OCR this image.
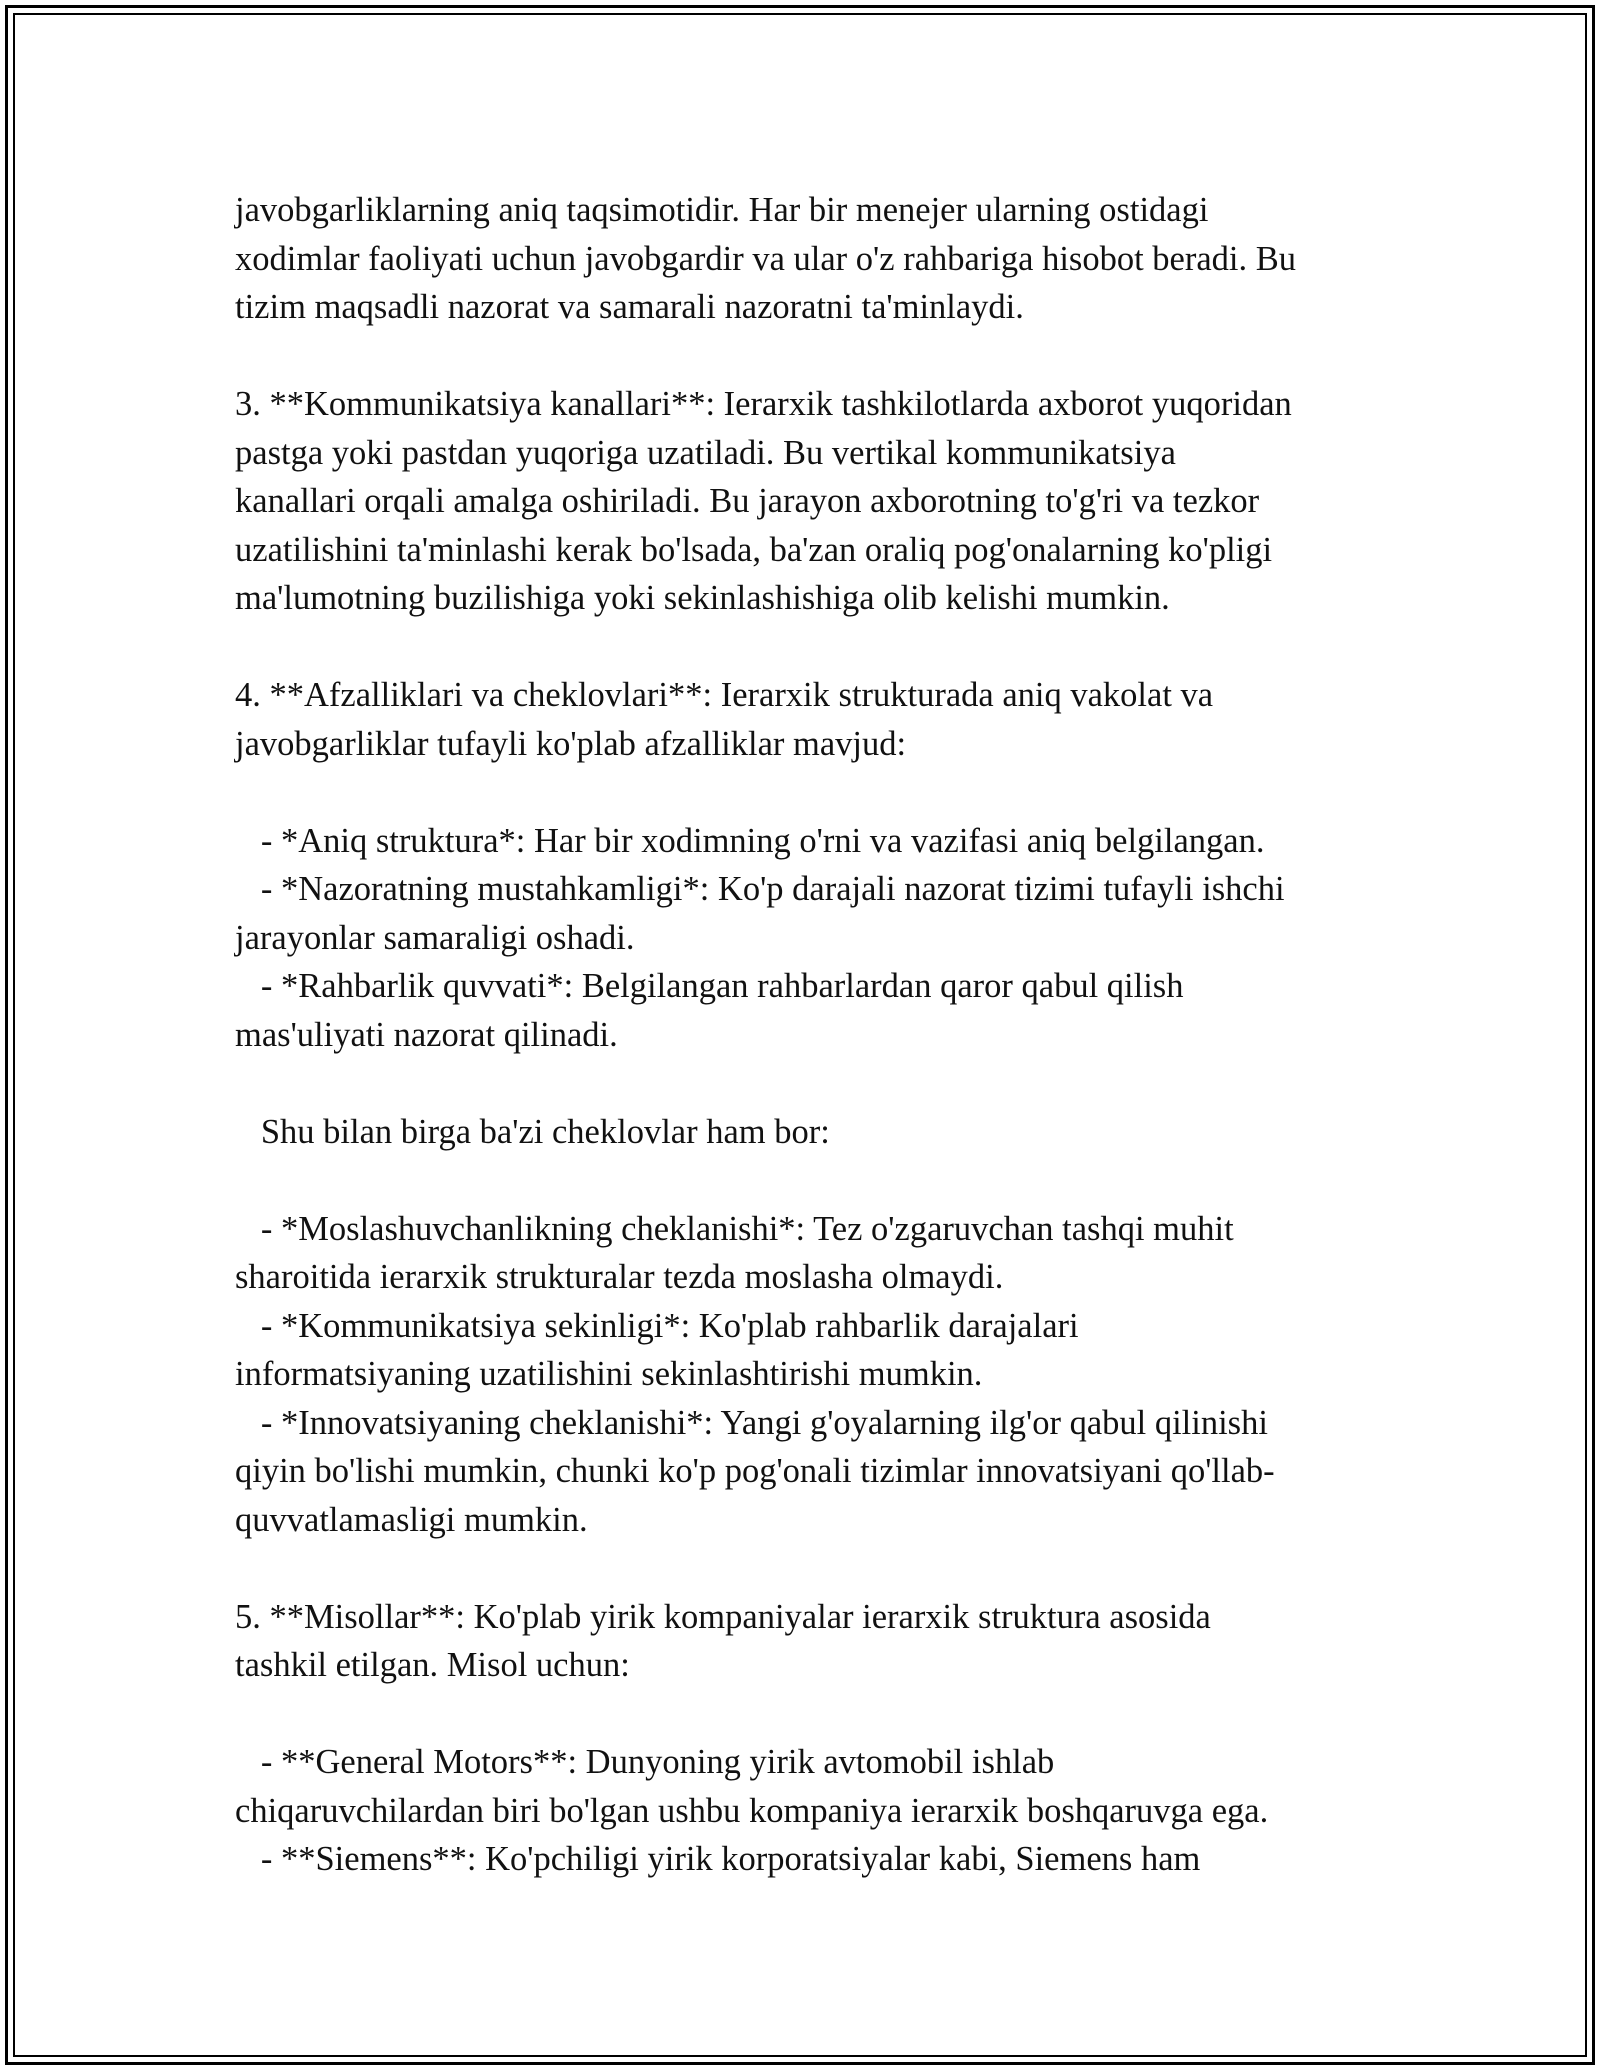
javobgarliklarning aniq taqsimotidir. Har bir menejer ularning ostidagi
xodimlar faoliyati uchun javobgardir va ular o'z rahbariga hisobot beradi. Bu
tizim maqsadli nazorat va samarali nazoratni ta'minlaydi.
3. **Kommunikatsiya kanallari**: Ierarxik tashkilotlarda axborot yuqoridan
pastga yoki pastdan yuqoriga uzatiladi. Bu vertikal kommunikatsiya
kanallari orqali amalga oshiriladi. Bu jarayon axborotning to'g'ri va tezkor
uzatilishini ta'minlashi kerak bo'lsada, ba'zan oraliq pog'onalarning ko'pligi
ma'lumotning buzilishiga yoki sekinlashishiga olib kelishi mumkin.
4. **Afzalliklari va cheklovlari**: Ierarxik strukturada aniq vakolat va
javobgarliklar tufayli ko'plab afzalliklar mavjud:
- *Aniq struktura*: Har bir xodimning o'rni va vazifasi aniq belgilangan.
- *Nazoratning mustahkamligi*: Ko'p darajali nazorat tizimi tufayli ishchi
jarayonlar samaraligi oshadi.
- *Rahbarlik quvvati*: Belgilangan rahbarlardan qaror qabul qilish
mas'uliyati nazorat qilinadi.
Shu bilan birga ba'zi cheklovlar ham bor:
- *Moslashuvchanlikning cheklanishi*: Tez o'zgaruvchan tashqi muhit
sharoitida ierarxik strukturalar tezda moslasha olmaydi.
- *Kommunikatsiya sekinligi*: Ko'plab rahbarlik darajalari
informatsiyaning uzatilishini sekinlashtirishi mumkin.
- *Innovatsiyaning cheklanishi*: Yangi g'oyalarning ilg'or qabul qilinishi
qiyin bo'lishi mumkin, chunki ko'p pog'onali tizimlar innovatsiyani qo'llab-
quvvatlamasligi mumkin.
5. **Misollar**: Ko'plab yirik kompaniyalar ierarxik struktura asosida
tashkil etilgan. Misol uchun:
- **General Motors**: Dunyoning yirik avtomobil ishlab
chiqaruvchilardan biri bo'lgan ushbu kompaniya ierarxik boshqaruvga ega.
- **Siemens**: Ko'pchiligi yirik korporatsiyalar kabi, Siemens ham
